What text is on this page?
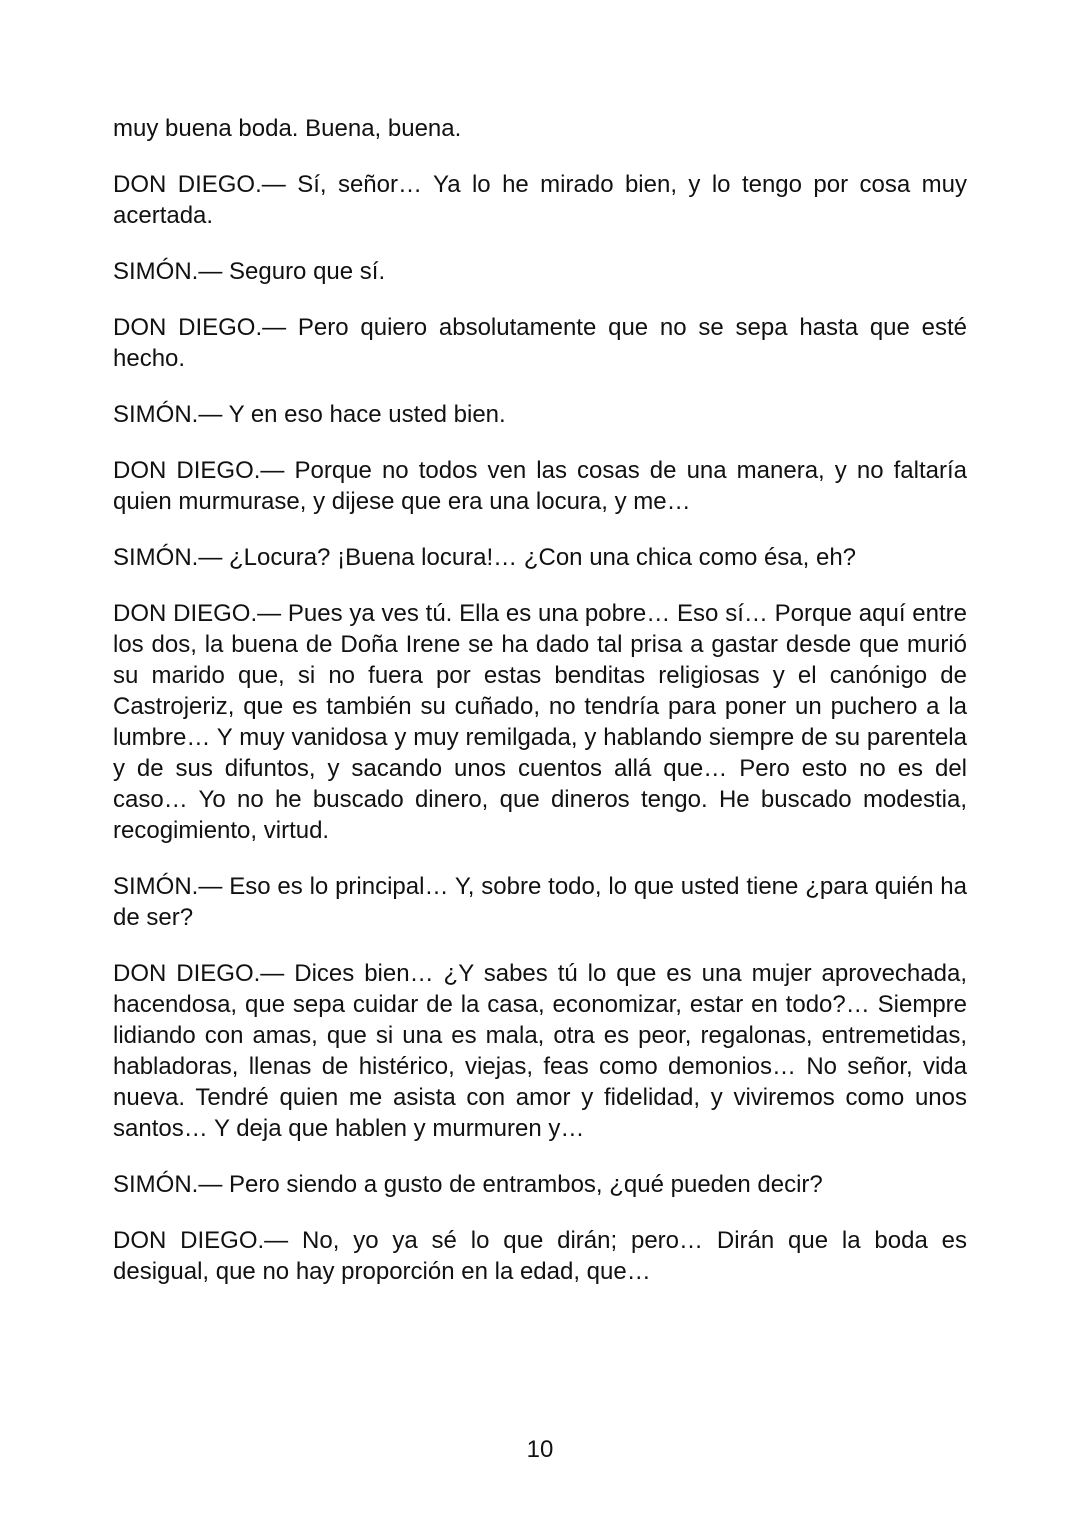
muy buena boda. Buena, buena.

DON DIEGO.— Sí, señor… Ya lo he mirado bien, y lo tengo por cosa muy acertada.

SIMÓN.— Seguro que sí.

DON DIEGO.— Pero quiero absolutamente que no se sepa hasta que esté hecho.

SIMÓN.— Y en eso hace usted bien.

DON DIEGO.— Porque no todos ven las cosas de una manera, y no faltaría quien murmurase, y dijese que era una locura, y me…

SIMÓN.— ¿Locura? ¡Buena locura!… ¿Con una chica como ésa, eh?

DON DIEGO.— Pues ya ves tú. Ella es una pobre… Eso sí… Porque aquí entre los dos, la buena de Doña Irene se ha dado tal prisa a gastar desde que murió su marido que, si no fuera por estas benditas religiosas y el canónigo de Castrojeriz, que es también su cuñado, no tendría para poner un puchero a la lumbre… Y muy vanidosa y muy remilgada, y hablando siempre de su parentela y de sus difuntos, y sacando unos cuentos allá que… Pero esto no es del caso… Yo no he buscado dinero, que dineros tengo. He buscado modestia, recogimiento, virtud.

SIMÓN.— Eso es lo principal… Y, sobre todo, lo que usted tiene ¿para quién ha de ser?

DON DIEGO.— Dices bien… ¿Y sabes tú lo que es una mujer aprovechada, hacendosa, que sepa cuidar de la casa, economizar, estar en todo?… Siempre lidiando con amas, que si una es mala, otra es peor, regalonas, entremetidas, habladoras, llenas de histérico, viejas, feas como demonios… No señor, vida nueva. Tendré quien me asista con amor y fidelidad, y viviremos como unos santos… Y deja que hablen y murmuren y…

SIMÓN.— Pero siendo a gusto de entrambos, ¿qué pueden decir?

DON DIEGO.— No, yo ya sé lo que dirán; pero… Dirán que la boda es desigual, que no hay proporción en la edad, que…

10
